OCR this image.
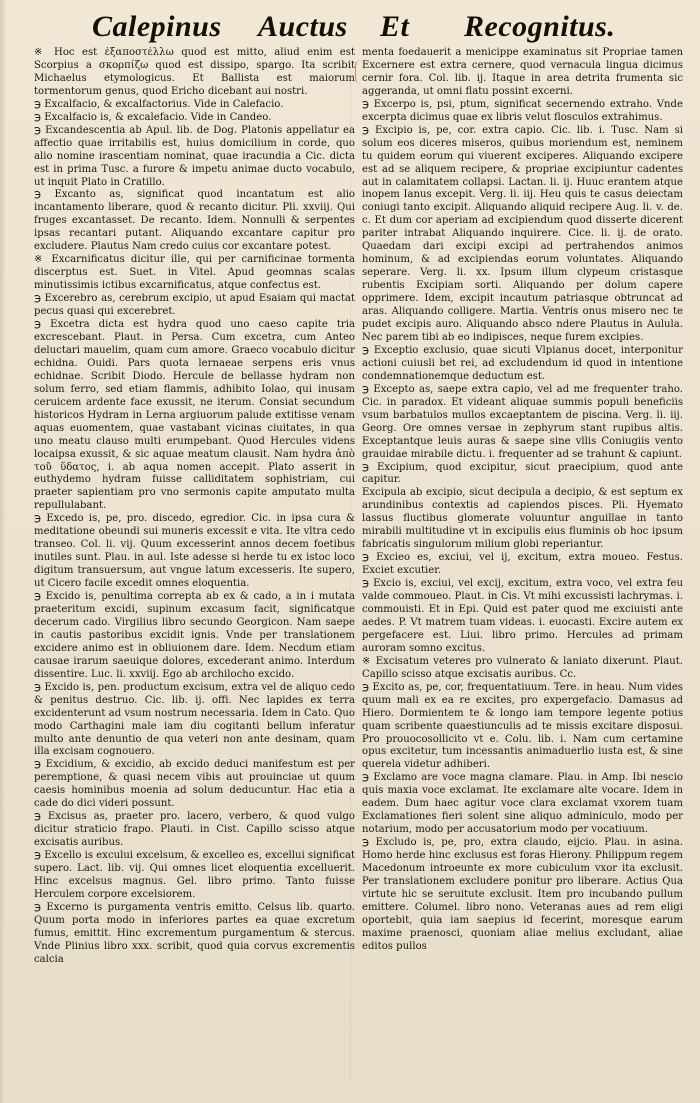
Calepinus Auctus Et Recognitus.

※ Hoc est ἐξαποστέλλω quod est mitto, aliud enim est Scorpius a σκορπίζω quod est dissipo, spargo. Ita scribit Michaelus etymologicus. Et Ballista est maiorum tormentorum genus, quod Ericho dicebant aui nostri.

℈ Excalfacio, & excalfactorius. Vide in Calefacio.

℈ Excalfacio is, & excalefacio. Vide in Candeo.

℈ Excandescentia ab Apul. lib. de Dog. Platonis appellatur ea affectio quae irritabilis est, huius domicilium in corde, quo alio nomine irascentiam nominat, quae iracundia a Cic. dicta est in prima Tusc. a furore & impetu animae ducto vocabulo, ut inquit Plato in Cratillo.

℈ Excanto as, significat quod incantatum est alio incantamento liberare, quod & recanto dicitur. Pli. xxviij. Qui fruges excantasset. De recanto. Idem. Nonnulli & serpentes ipsas recantari putant. Aliquando excantare capitur pro excludere. Plautus Nam credo cuius cor excantare potest.

※ Excarnificatus dicitur ille, qui per carnificinae tormenta discerptus est. Suet. in Vitel. Apud geomnas scalas minutissimis ictibus excarnificatus, atque confectus est.

℈ Excerebro as, cerebrum excipio, ut apud Esaiam qui mactat pecus quasi qui excerebret.

℈ Excetra dicta est hydra quod uno caeso capite tria excrescebant. Plaut. in Persa. Cum excetra, cum Anteo deluctari mauelim, quam cum amore. Graeco vocabulo dicitur echidna. Ouidi. Pars quota lernaeae serpens eris vnus echidnae. Scribit Diodo. Hercule de bellasse hydram non solum ferro, sed etiam flammis, adhibito Iolao, qui inusam ceruicem ardente face exussit, ne iterum. Consiat secundum historicos Hydram in Lerna argiuorum palude extitisse venam aquas euomentem, quae vastabant vicinas ciuitates, in qua uno meatu clauso multi erumpebant. Quod Hercules videns locaipsa exussit, & sic aquae meatum clausit. Nam hydra ἀπὸ τοῦ ὕδατος, i. ab aqua nomen accepit. Plato asserit in euthydemo hydram fuisse calliditatem sophistriam, cui praeter sapientiam pro vno sermonis capite amputato multa repullulabant.

℈ Excedo is, pe, pro. discedo, egredior. Cic. in ipsa cura & meditatione obeundi sui muneris excessit e vita. Ite vltra cedo transeo. Col. li. vij. Quum excesserint annos decem foetibus inutiles sunt. Plau. in aul. Iste adesse si herde tu ex istoc loco digitum transuersum, aut vngue latum excesseris. Ite supero, ut Cicero facile excedit omnes eloquentia.

℈ Excido is, penultima correpta ab ex & cado, a in i mutata praeteritum excidi, supinum excasum facit, significatque decerum cado. Virgilius libro secundo Georgicon. Nam saepe in cautis pastoribus excidit ignis. Vnde per translationem excidere animo est in obliuionem dare. Idem. Necdum etiam causae irarum saeuique dolores, excederant animo. Interdum dissentire. Luc. li. xxviij. Ego ab archilocho excido.

℈ Excido is, pen. productum excisum, extra vel de aliquo cedo & penitus destruo. Cic. lib. ij. offi. Nec lapides ex terra excidenterunt ad vsum nostrum necessaria. Idem in Cato. Quo modo Carthagini male iam diu cogitanti bellum inferatur multo ante denuntio de qua veteri non ante desinam, quam illa excisam cognouero.

℈ Excidium, & excidio, ab excido deduci manifestum est per peremptione, & quasi necem vibis aut prouinciae ut quum caesis hominibus moenia ad solum deducuntur. Hac etia a cade do dici videri possunt.

℈ Excisus as, praeter pro. lacero, verbero, & quod vulgo dicitur straticio frapo. Plauti. in Cist. Capillo scisso atque excisatis auribus.

℈ Excello is excului excelsum, & excelleo es, excellui significat supero. Lact. lib. vij. Qui omnes licet eloquentia excelluerit. Hinc excelsus magnus. Gel. libro primo. Tanto fuisse Herculem corpore excelsiorem.

℈ Excerno is purgamenta ventris emitto. Celsus lib. quarto. Quum porta modo in inferiores partes ea quae excretum fumus, emittit. Hinc excrementum purgamentum & stercus. Vnde Plinius libro xxx. scribit, quod quia corvus excrementis calcia

menta foedauerit a menicippe examinatus sit Propriae tamen Excernere est extra cernere, quod vernacula lingua dicimus cernir fora. Col. lib. ij. Itaque in area detrita frumenta sic aggeranda, ut omni flatu possint excerni.

℈ Excerpo is, psi, ptum, significat secernendo extraho. Vnde excerpta dicimus quae ex libris velut flosculos extrahimus.

℈ Excipio is, pe, cor. extra capio. Cic. lib. i. Tusc. Nam si solum eos diceres miseros, quibus moriendum est, neminem tu quidem eorum qui viuerent exciperes. Aliquando excipere est ad se aliquem recipere, & propriae excipiuntur cadentes aut in calamitatem collapsi. Lactan. li. ij. Huuc erantem atque inopem Ianus excepit. Verg. li. iij. Heu quis te casus deiectam coniugi tanto excipit. Aliquando aliquid recipere Aug. li. v. de. c. Et dum cor aperiam ad excipiendum quod disserte dicerent pariter intrabat Aliquando inquirere. Cice. li. ij. de orato. Quaedam dari excipi excipi ad pertrahendos animos hominum, & ad excipiendas eorum voluntates. Aliquando seperare. Verg. li. xx. Ipsum illum clypeum cristasque rubentis Excipiam sorti. Aliquando per dolum capere opprimere. Idem, excipit incautum patriasque obtruncat ad aras. Aliquando colligere. Martia. Ventris onus misero nec te pudet excipis auro. Aliquando absco ndere Plautus in Aulula. Nec parem tibi ab eo indipisces, neque furem excipies.

℈ Exceptio exclusio, quae sicuti Vlpianus docet, interponitur actioni cuiusli bet rei, ad excludendum id quod in intentione condemnationemque deductum est.

℈ Excepto as, saepe extra capio, vel ad me frequenter traho. Cic. in paradox. Et videant aliquae summis populi beneficiis vsum barbatulos mullos excaeptantem de piscina. Verg. li. iij. Georg. Ore omnes versae in zephyrum stant rupibus altis. Exceptantque leuis auras & saepe sine vllis Coniugiis vento grauidae mirabile dictu. i. frequenter ad se trahunt & capiunt.

℈ Excipium, quod excipitur, sicut praecipium, quod ante capitur.

Excipula ab excipio, sicut decipula a decipio, & est septum ex arundinibus contextis ad capiendos pisces. Pli. Hyemato lassus fluctibus glomerate voluuntur anguillae in tanto mirabili multitudine vt in excipulis eius fluminis ob hoc ipsum fabricatis singulorum milium globi reperiantur.

℈ Excieo es, exciui, vel ij, excitum, extra moueo. Festus. Exciet excutier.

℈ Excio is, exciui, vel excij, excitum, extra voco, vel extra feu valde commoueo. Plaut. in Cis. Vt mihi excussisti lachrymas. i. commouisti. Et in Epi. Quid est pater quod me exciuisti ante aedes. P. Vt matrem tuam videas. i. euocasti. Excire autem ex pergefacere est. Liui. libro primo. Hercules ad primam auroram somno excitus.

※ Excisatum veteres pro vulnerato & laniato dixerunt. Plaut. Capillo scisso atque excisatis auribus. Cc.

℈ Excito as, pe, cor, frequentatiuum. Tere. in heau. Num vides quum mali ex ea re excites, pro expergefacio. Damasus ad Hiero. Dormientem te & longo iam tempore legente potius quam scribente quaestiunculis ad te missis excitare disposui. Pro prouocosollicito vt e. Colu. lib. i. Nam cum certamine opus excitetur, tum incessantis animaduerlio iusta est, & sine querela videtur adhiberi.

℈ Exclamo are voce magna clamare. Plau. in Amp. Ibi nescio quis maxia voce exclamat. Ite exclamare alte vocare. Idem in eadem. Dum haec agitur voce clara exclamat vxorem tuam Exclamationes fieri solent sine aliquo adminiculo, modo per notarium, modo per accusatorium modo per vocatiuum.

℈ Excludo is, pe, pro, extra claudo, eijcio. Plau. in asina. Homo herde hinc exclusus est foras Hierony. Philippum regem Macedonum introeunte ex more cubiculum vxor ita exclusit. Per translationem excludere ponitur pro liberare. Actius Qua virtute hic se seruitute exclusit. Item pro incubando pullum emittere. Columel. libro nono. Veteranas aues ad rem eligi oportebit, quia iam saepius id fecerint, moresque earum maxime praenosci, quoniam aliae melius excludant, aliae editos pullos
